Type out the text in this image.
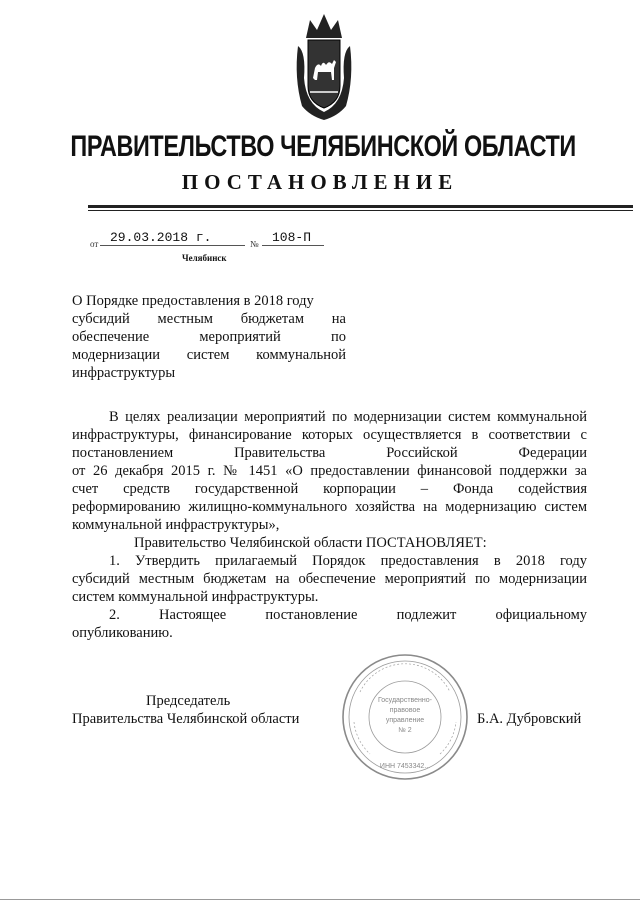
ПРАВИТЕЛЬСТВО ЧЕЛЯБИНСКОЙ ОБЛАСТИ
ПОСТАНОВЛЕНИЕ
от 29.03.2018 г.	№	108-П
Челябинск
О Порядке предоставления в 2018 году
субсидий местным бюджетам на
обеспечение мероприятий по
модернизации систем коммунальной
инфраструктуры
В целях реализации мероприятий по модернизации систем коммунальной
инфраструктуры, финансирование которых осуществляется в соответствии с
постановлением Правительства Российской Федерации
от 26 декабря 2015 г. № 1451 «О предоставлении финансовой поддержки за
счет средств государственной корпорации – Фонда содействия
реформированию жилищно-коммунального хозяйства на модернизацию систем
коммунальной инфраструктуры»,
Правительство Челябинской области ПОСТАНОВЛЯЕТ:
1. Утвердить прилагаемый Порядок предоставления в 2018 году
субсидий местным бюджетам на обеспечение мероприятий по модернизации
систем коммунальной инфраструктуры.
2. Настоящее постановление подлежит официальному
опубликованию.
Государственно-
правовое
управление
№ 2
ИНН 7453342...
Председатель
Правительства Челябинской области	Б.А. Дубровский
